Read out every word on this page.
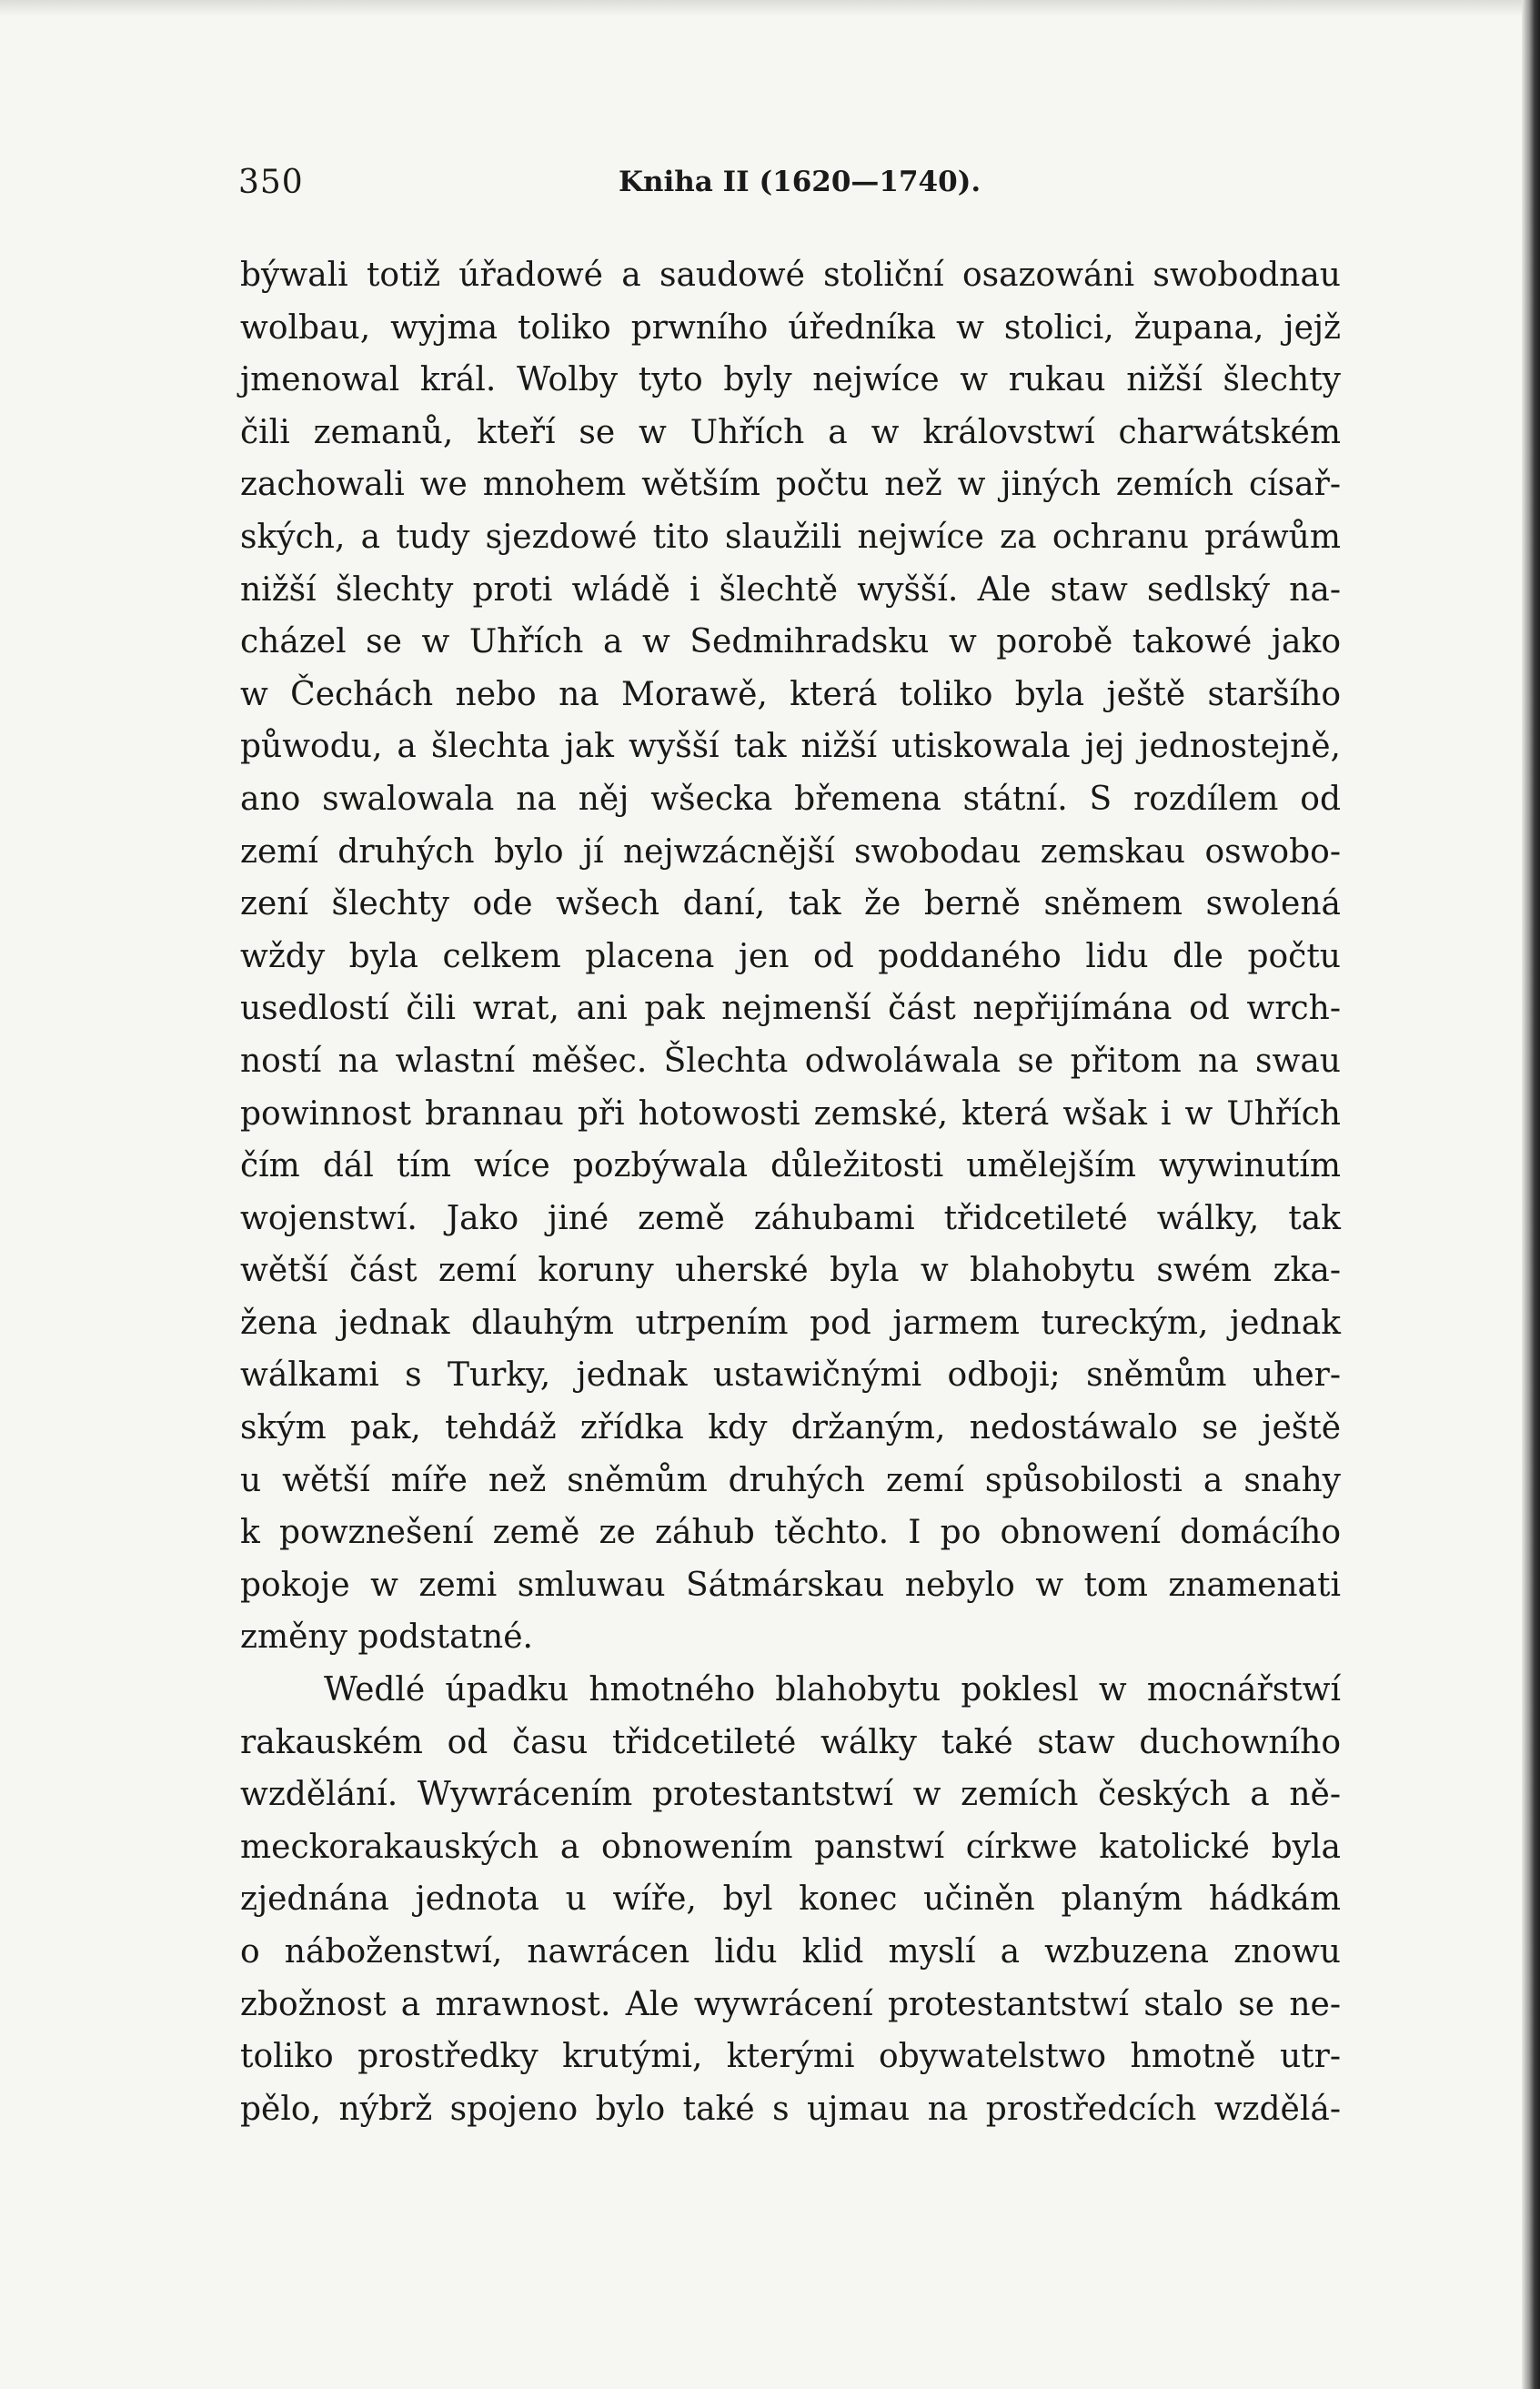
350	Kniha II (1620—1740).
býwali totiž úřadowé a saudowé stoliční osazowáni swobodnau
wolbau, wyjma toliko prwního úředníka w stolici, župana, jejž
jmenowal král. Wolby tyto byly nejwíce w rukau nižší šlechty
čili zemanů, kteří se w Uhřích a w královstwí charwátském
zachowali we mnohem wětším počtu než w jiných zemích císař-
ských, a tudy sjezdowé tito slaužili nejwíce za ochranu práwům
nižší šlechty proti wládě i šlechtě wyšší. Ale staw sedlský na-
cházel se w Uhřích a w Sedmihradsku w porobě takowé jako
w Čechách nebo na Morawě, která toliko byla ještě staršího
půwodu, a šlechta jak wyšší tak nižší utiskowala jej jednostejně,
ano swalowala na něj wšecka břemena státní. S rozdílem od
zemí druhých bylo jí nejwzácnější swobodau zemskau oswobo-
zení šlechty ode wšech daní, tak že berně sněmem swolená
wždy byla celkem placena jen od poddaného lidu dle počtu
usedlostí čili wrat, ani pak nejmenší část nepřijímána od wrch-
ností na wlastní měšec. Šlechta odwoláwala se přitom na swau
powinnost brannau při hotowosti zemské, která wšak i w Uhřích
čím dál tím wíce pozbýwala důležitosti umělejším wywinutím
wojenstwí. Jako jiné země záhubami třidcetileté wálky, tak
wětší část zemí koruny uherské byla w blahobytu swém zka-
žena jednak dlauhým utrpením pod jarmem tureckým, jednak
wálkami s Turky, jednak ustawičnými odboji; sněmům uher-
ským pak, tehdáž zřídka kdy držaným, nedostáwalo se ještě
u wětší míře než sněmům druhých zemí spůsobilosti a snahy
k powznešení země ze záhub těchto. I po obnowení domácího
pokoje w zemi smluwau Sátmárskau nebylo w tom znamenati
změny podstatné.
Wedlé úpadku hmotného blahobytu poklesl w mocnářstwí
rakauském od času třidcetileté wálky také staw duchowního
wzdělání. Wywrácením protestantstwí w zemích českých a ně-
meckorakauských a obnowením panstwí církwe katolické byla
zjednána jednota u wíře, byl konec učiněn planým hádkám
o náboženstwí, nawrácen lidu klid myslí a wzbuzena znowu
zbožnost a mrawnost. Ale wywrácení protestantstwí stalo se ne-
toliko prostředky krutými, kterými obywatelstwo hmotně utr-
pělo, nýbrž spojeno bylo také s ujmau na prostředcích wzdělá-
